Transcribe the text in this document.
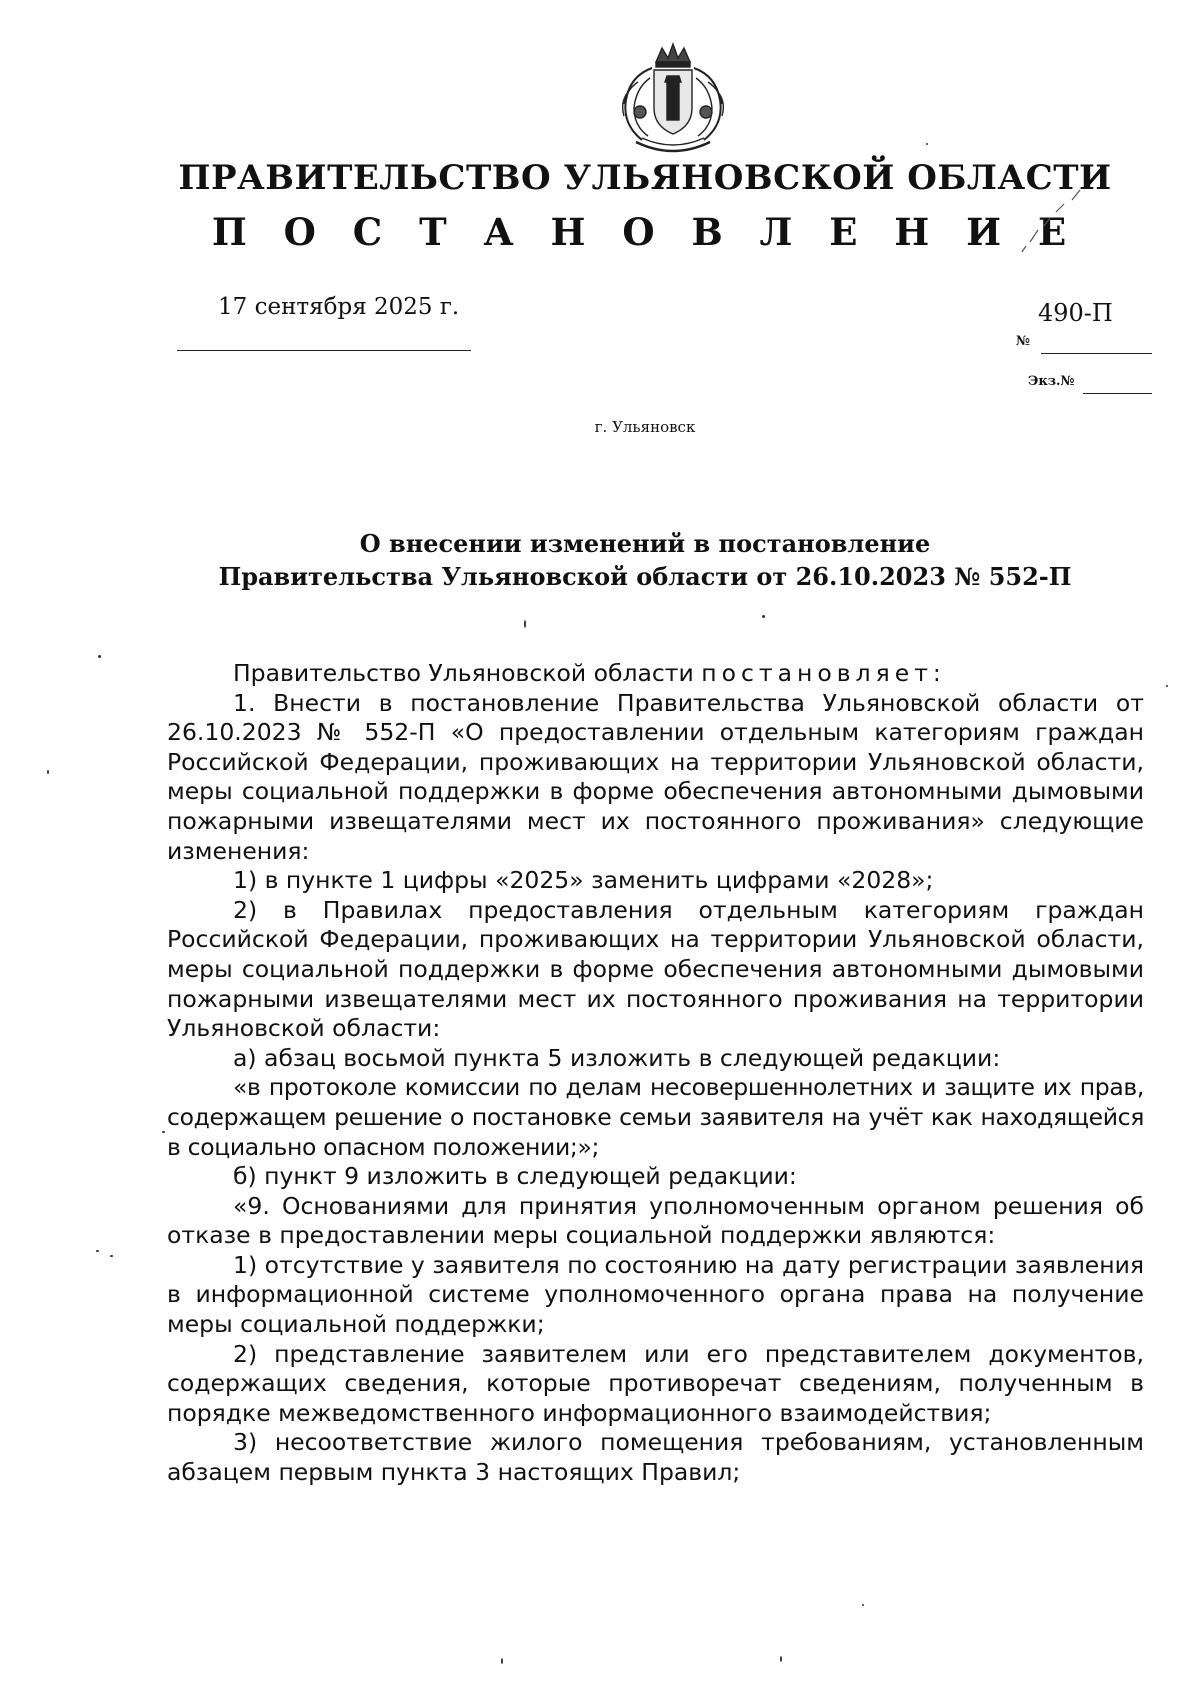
ПРАВИТЕЛЬСТВО УЛЬЯНОВСКОЙ ОБЛАСТИ
П О С Т А Н О В Л Е Н И Е
17 сентября 2025 г.	490-П
№
Экз.№
г. Ульяновск
О внесении изменений в постановление
Правительства Ульяновской области от 26.10.2023 № 552-П

Правительство Ульяновской области постановляет:

1. Внести в постановление Правительства Ульяновской области от 26.10.2023 № 552-П «О предоставлении отдельным категориям граждан Российской Федерации, проживающих на территории Ульяновской области, меры социальной поддержки в форме обеспечения автономными дымовыми пожарными извещателями мест их постоянного проживания» следующие изменения:

1) в пункте 1 цифры «2025» заменить цифрами «2028»;

2) в Правилах предоставления отдельным категориям граждан Российской Федерации, проживающих на территории Ульяновской области, меры социальной поддержки в форме обеспечения автономными дымовыми пожарными извещателями мест их постоянного проживания на территории Ульяновской области:

а) абзац восьмой пункта 5 изложить в следующей редакции:

«в протоколе комиссии по делам несовершеннолетних и защите их прав, содержащем решение о постановке семьи заявителя на учёт как находящейся в социально опасном положении;»;

б) пункт 9 изложить в следующей редакции:

«9. Основаниями для принятия уполномоченным органом решения об отказе в предоставлении меры социальной поддержки являются:

1) отсутствие у заявителя по состоянию на дату регистрации заявления в информационной системе уполномоченного органа права на получение меры социальной поддержки;

2) представление заявителем или его представителем документов, содержащих сведения, которые противоречат сведениям, полученным в порядке межведомственного информационного взаимодействия;

3) несоответствие жилого помещения требованиям, установленным абзацем первым пункта 3 настоящих Правил;
